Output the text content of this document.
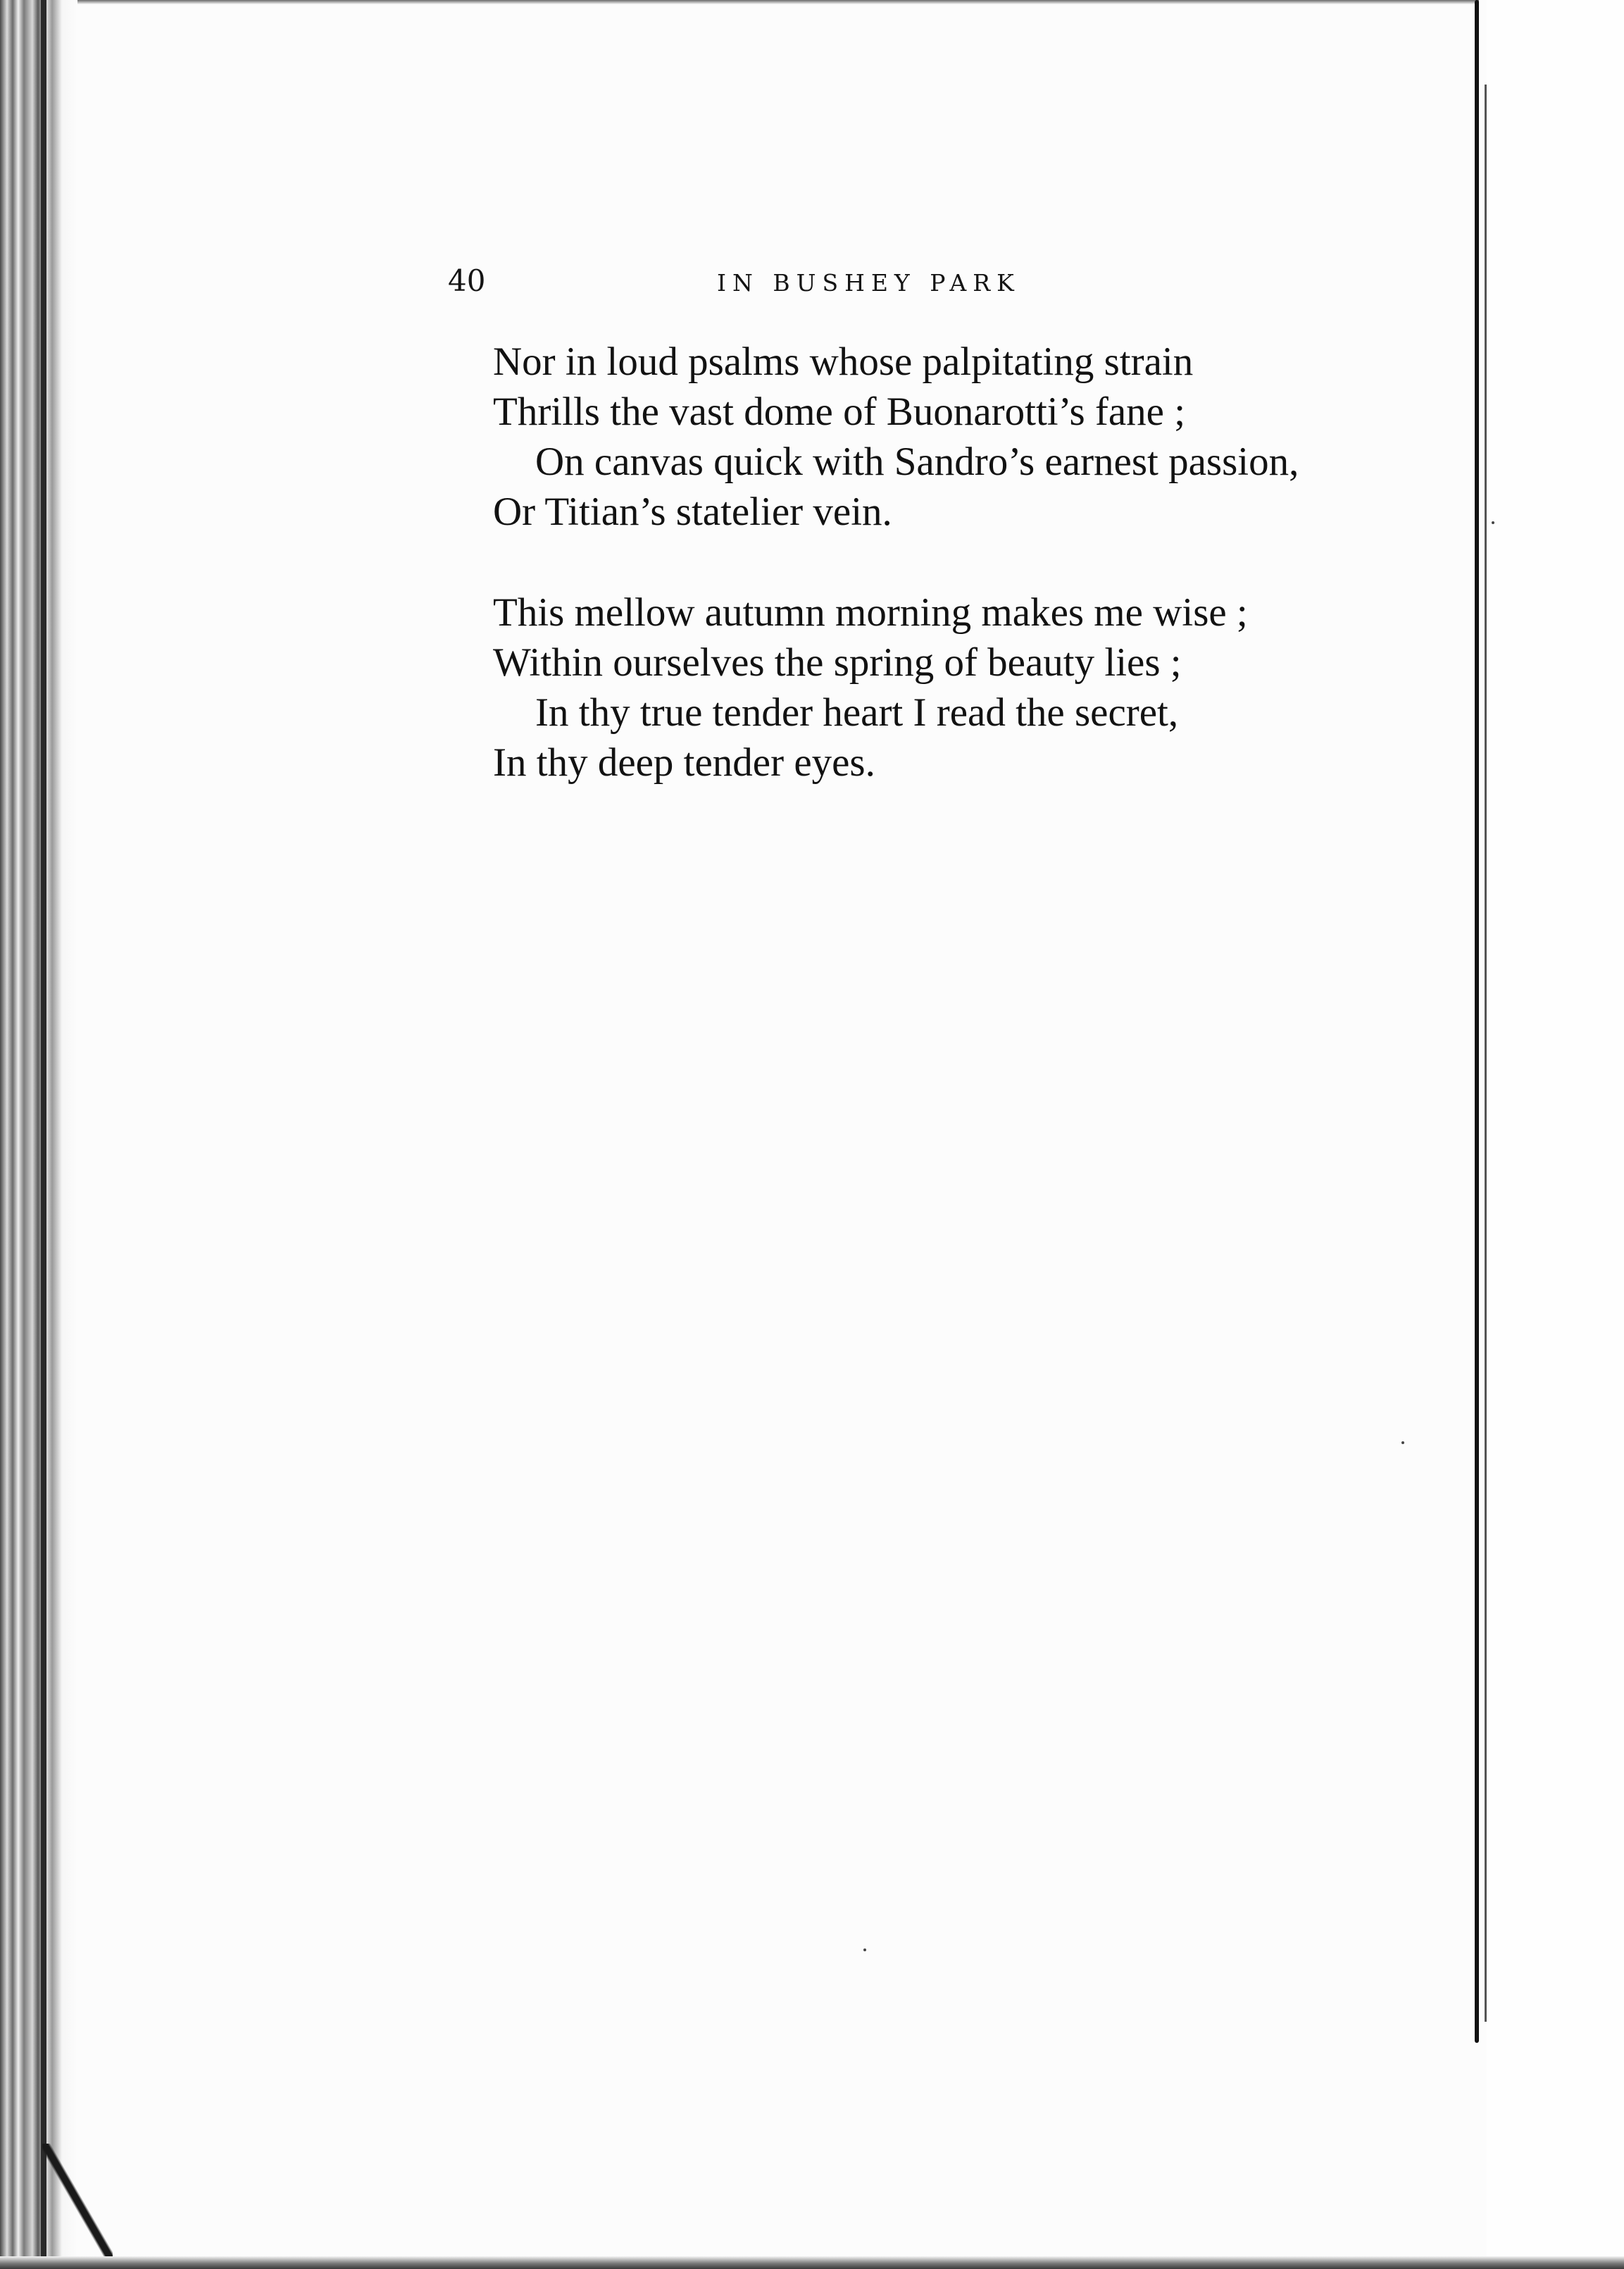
40	IN BUSHEY PARK
Nor in loud psalms whose palpitating strain
Thrills the vast dome of Buonarotti’s fane ;
On canvas quick with Sandro’s earnest passion,
Or Titian’s statelier vein.
This mellow autumn morning makes me wise ;
Within ourselves the spring of beauty lies ;
In thy true tender heart I read the secret,
In thy deep tender eyes.
